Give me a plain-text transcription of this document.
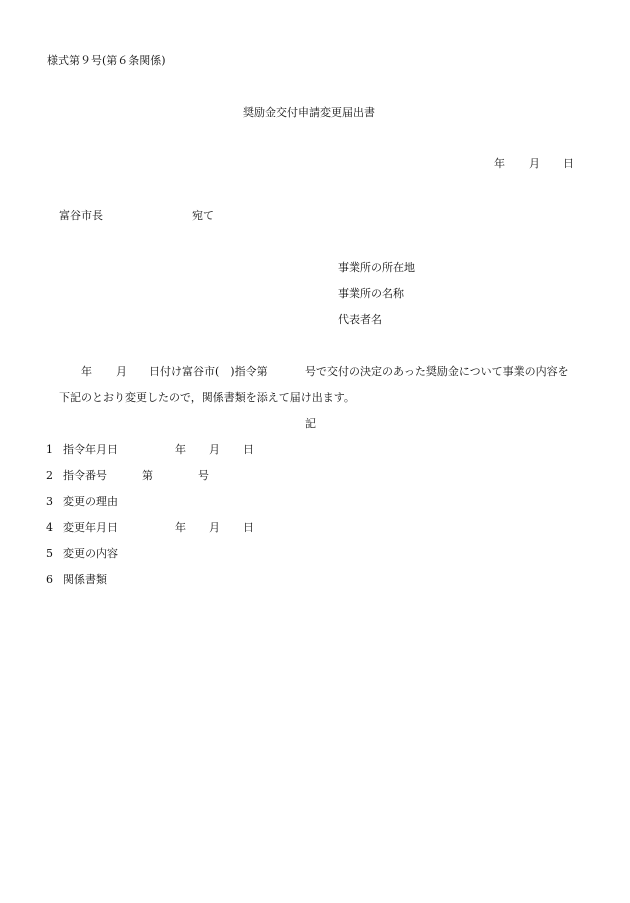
様式第９号(第６条関係)
奨励金交付申請変更届出書
年 月 日
富谷市長	宛て
事業所の所在地
事業所の名称
代表者名
年 月 日付け富谷市(　)指令第	号で交付の決定のあった奨励金について事業の内容を
下記のとおり変更したので，関係書類を添えて届け出ます。
記
1 指令年月日	年 月 日
2 指令番号	第	号
3 変更の理由
4 変更年月日	年 月 日
5 変更の内容
6 関係書類
